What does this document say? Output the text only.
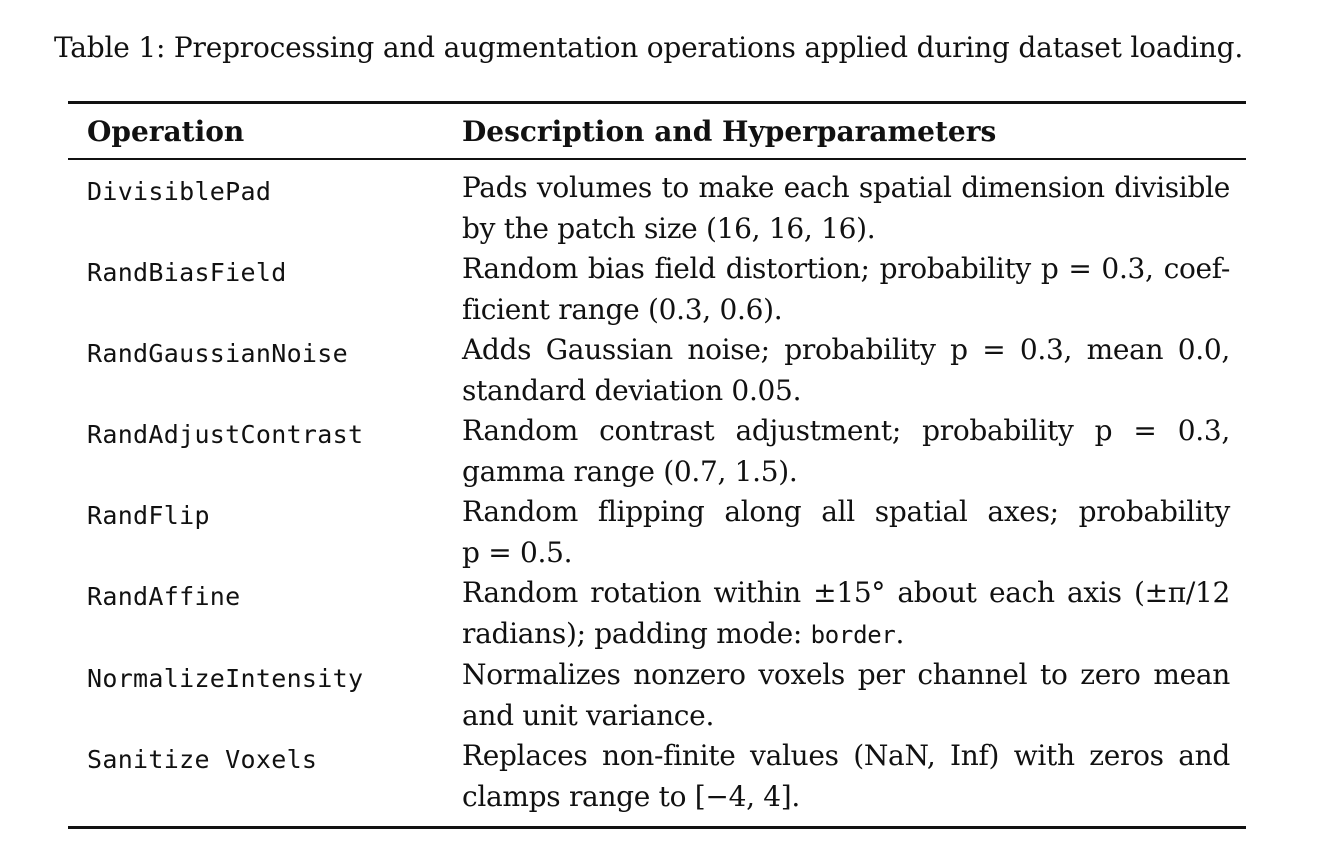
Table 1: Preprocessing and augmentation operations applied during dataset loading.
Operation	Description and Hyperparameters
DivisiblePad	Pads volumes to make each spatial dimension divisible
by the patch size (16, 16, 16).
RandBiasField	Random bias field distortion; probability p = 0.3, coef-
ficient range (0.3, 0.6).
RandGaussianNoise	Adds Gaussian noise; probability p = 0.3, mean 0.0,
standard deviation 0.05.
RandAdjustContrast	Random contrast adjustment; probability p = 0.3,
gamma range (0.7, 1.5).
RandFlip	Random flipping along all spatial axes; probability
p = 0.5.
RandAffine	Random rotation within ±15° about each axis (±π/12
radians); padding mode: border.
NormalizeIntensity	Normalizes nonzero voxels per channel to zero mean
and unit variance.
Sanitize Voxels	Replaces non-finite values (NaN, Inf) with zeros and
clamps range to [−4, 4].
